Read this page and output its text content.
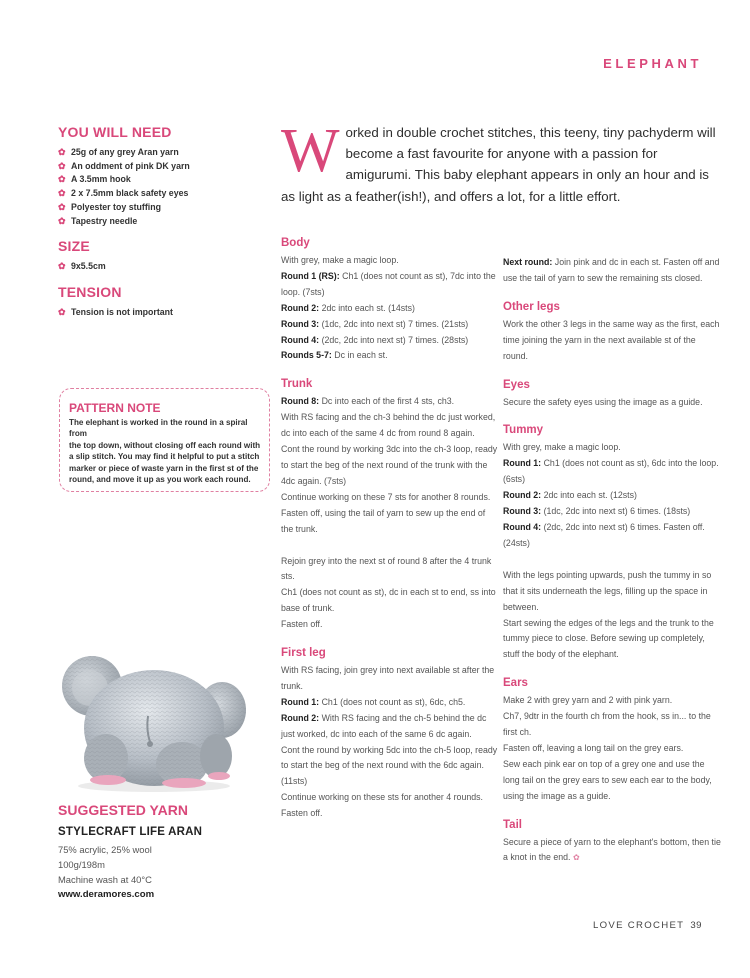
ELEPHANT
YOU WILL NEED
✿ 25g of any grey Aran yarn
✿ An oddment of pink DK yarn
✿ A 3.5mm hook
✿ 2 x 7.5mm black safety eyes
✿ Polyester toy stuffing
✿ Tapestry needle
SIZE
✿ 9x5.5cm
TENSION
✿ Tension is not important
PATTERN NOTE
The elephant is worked in the round in a spiral from
the top down, without closing off each round with
a slip stitch. You may find it helpful to put a stitch
marker or piece of waste yarn in the first st of the
round, and move it up as you work each round.
SUGGESTED YARN
STYLECRAFT LIFE ARAN
75% acrylic, 25% wool
100g/198m
Machine wash at 40°C
www.deramores.com
Worked in double crochet stitches, this teeny, tiny pachyderm will become a fast favourite for anyone with a passion for amigurumi. This baby elephant appears in only an hour and is as light as a feather(ish!), and offers a lot, for a little effort.
Body

With grey, make a magic loop.

Round 1 (RS): Ch1 (does not count as st), 7dc into the loop. (7sts)

Round 2: 2dc into each st. (14sts)

Round 3: (1dc, 2dc into next st) 7 times. (21sts)

Round 4: (2dc, 2dc into next st) 7 times. (28sts)

Rounds 5-7: Dc in each st.

Trunk

Round 8: Dc into each of the first 4 sts, ch3.

With RS facing and the ch-3 behind the dc just worked, dc into each of the same 4 dc from round 8 again.

Cont the round by working 3dc into the ch-3 loop, ready to start the beg of the next round of the trunk with the 4dc again. (7sts)

Continue working on these 7 sts for another 8 rounds.

Fasten off, using the tail of yarn to sew up the end of the trunk.

Rejoin grey into the next st of round 8 after the 4 trunk sts.

Ch1 (does not count as st), dc in each st to end, ss into base of trunk.

Fasten off.

First leg

With RS facing, join grey into next available st after the trunk.

Round 1: Ch1 (does not count as st), 6dc, ch5.

Round 2: With RS facing and the ch-5 behind the dc just worked, dc into each of the same 6 dc again.

Cont the round by working 5dc into the ch-5 loop, ready to start the beg of the next round with the 6dc again. (11sts)

Continue working on these sts for another 4 rounds.

Fasten off.

Next round: Join pink and dc in each st. Fasten off and use the tail of yarn to sew the remaining sts closed.

Other legs

Work the other 3 legs in the same way as the first, each time joining the yarn in the next available st of the round.

Eyes

Secure the safety eyes using the image as a guide.

Tummy

With grey, make a magic loop.

Round 1: Ch1 (does not count as st), 6dc into the loop. (6sts)

Round 2: 2dc into each st. (12sts)

Round 3: (1dc, 2dc into next st) 6 times. (18sts)

Round 4: (2dc, 2dc into next st) 6 times. Fasten off. (24sts)

With the legs pointing upwards, push the tummy in so that it sits underneath the legs, filling up the space in between.

Start sewing the edges of the legs and the trunk to the tummy piece to close. Before sewing up completely, stuff the body of the elephant.

Ears

Make 2 with grey yarn and 2 with pink yarn.

Ch7, 9dtr in the fourth ch from the hook, ss in... to the first ch.

Fasten off, leaving a long tail on the grey ears.

Sew each pink ear on top of a grey one and use the long tail on the grey ears to sew each ear to the body, using the image as a guide.

Tail

Secure a piece of yarn to the elephant's bottom, then tie a knot in the end. ✿

LOVE CROCHET 39
